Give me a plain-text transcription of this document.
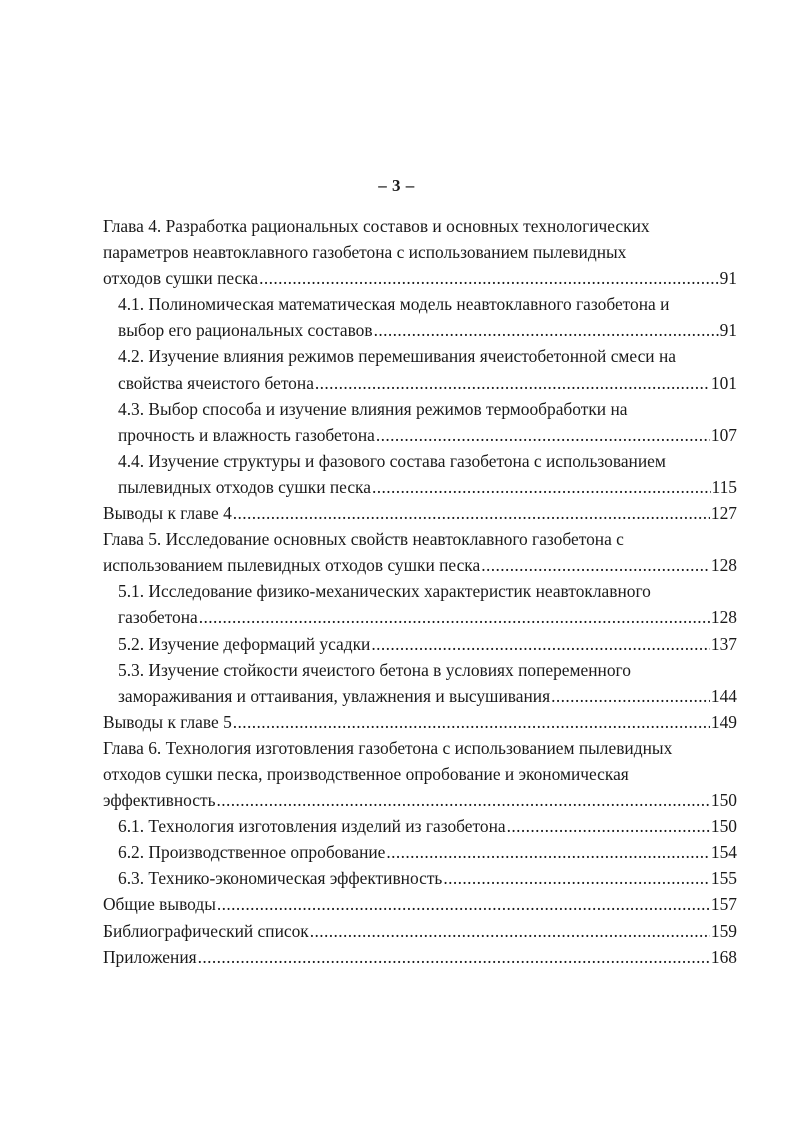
– 3 –
Глава 4. Разработка рациональных составов и основных технологических
параметров неавтоклавного газобетона с использованием пылевидных
отходов сушки песка .....	91
4.1. Полиномическая математическая модель неавтоклавного газобетона и
выбор его рациональных составов .....	91
4.2. Изучение влияния режимов перемешивания ячеистобетонной смеси на
свойства ячеистого бетона .....	101
4.3. Выбор способа и изучение влияния режимов термообработки на
прочность и влажность газобетона .....	107
4.4. Изучение структуры и фазового состава газобетона с использованием
пылевидных отходов сушки песка .....	115
Выводы к главе 4 .....	127
Глава 5. Исследование основных свойств неавтоклавного газобетона с
использованием пылевидных отходов сушки песка .....	128
5.1. Исследование физико-механических характеристик неавтоклавного
газобетона .....	128
5.2. Изучение деформаций усадки .....	137
5.3. Изучение стойкости ячеистого бетона в условиях попеременного
замораживания и оттаивания, увлажнения и высушивания .....	144
Выводы к главе 5 .....	149
Глава 6. Технология изготовления газобетона с использованием пылевидных
отходов сушки песка, производственное опробование и экономическая
эффективность .....	150
6.1. Технология изготовления изделий из газобетона .....	150
6.2. Производственное опробование .....	154
6.3. Технико-экономическая эффективность .....	155
Общие выводы .....	157
Библиографический список .....	159
Приложения .....	168
